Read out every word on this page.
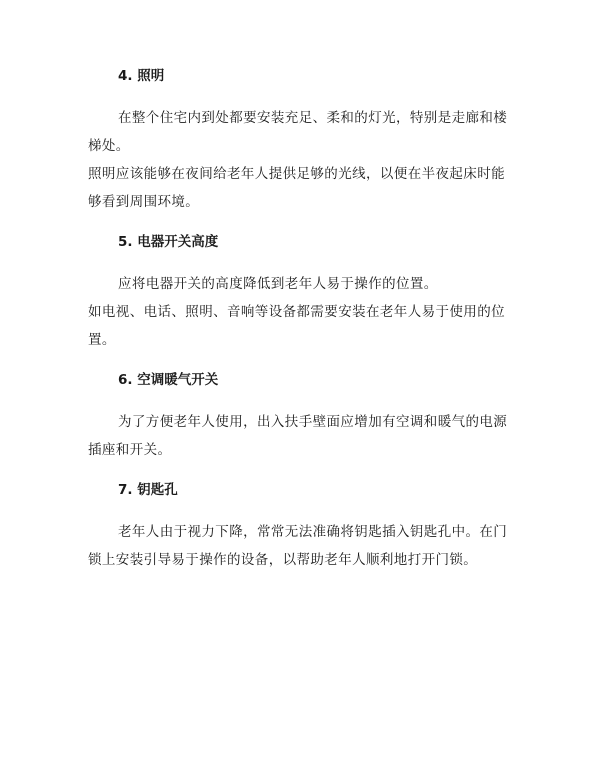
4. 照明

在整个住宅内到处都要安装充足、柔和的灯光，特别是走廊和楼梯处。

照明应该能够在夜间给老年人提供足够的光线，以便在半夜起床时能够看到周围环境。

5. 电器开关高度

应将电器开关的高度降低到老年人易于操作的位置。

如电视、电话、照明、音响等设备都需要安装在老年人易于使用的位置。

6. 空调暖气开关

为了方便老年人使用，出入扶手壁面应增加有空调和暖气的电源插座和开关。

7. 钥匙孔

老年人由于视力下降，常常无法准确将钥匙插入钥匙孔中。在门锁上安装引导易于操作的设备，以帮助老年人顺利地打开门锁。
